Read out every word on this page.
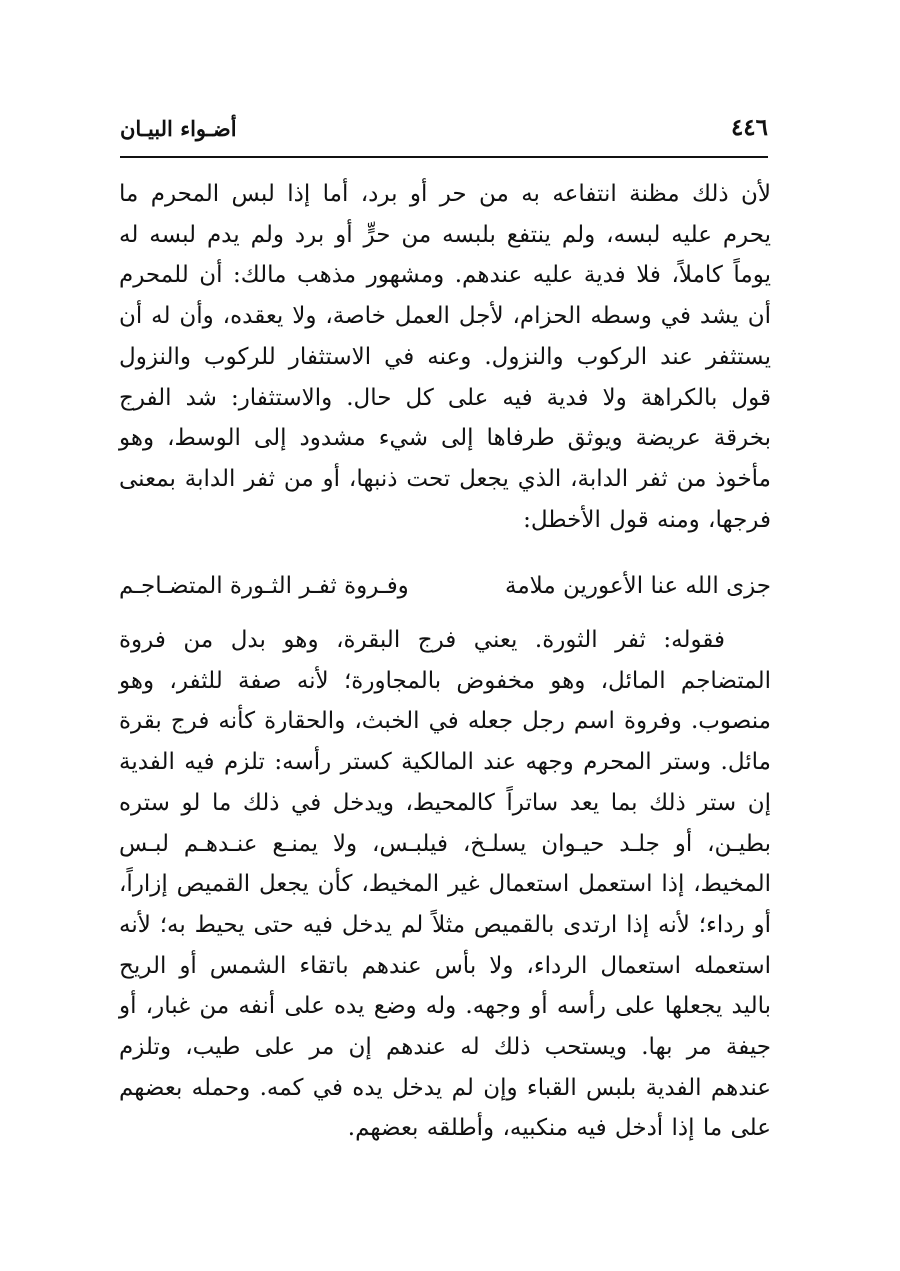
٤٤٦
أضـواء البيـان

لأن ذلك مظنة انتفاعه به من حر أو برد، أما إذا لبس المحرم ما يحرم عليه لبسه، ولم ينتفع بلبسه من حرٍّ أو برد ولم يدم لبسه له يوماً كاملاً، فلا فدية عليه عندهم. ومشهور مذهب مالك: أن للمحرم أن يشد في وسطه الحزام، لأجل العمل خاصة، ولا يعقده، وأن له أن يستثفر عند الركوب والنزول. وعنه في الاستثفار للركوب والنزول قول بالكراهة ولا فدية فيه على كل حال. والاستثفار: شد الفرج بخرقة عريضة ويوثق طرفاها إلى شيء مشدود إلى الوسط، وهو مأخوذ من ثفر الدابة، الذي يجعل تحت ذنبها، أو من ثفر الدابة بمعنى فرجها، ومنه قول الأخطل:

جزى الله عنا الأعورين ملامة
وفـروة ثفـر الثـورة المتضـاجـم

فقوله: ثفر الثورة. يعني فرج البقرة، وهو بدل من فروة المتضاجم المائل، وهو مخفوض بالمجاورة؛ لأنه صفة للثفر، وهو منصوب. وفروة اسم رجل جعله في الخبث، والحقارة كأنه فرج بقرة مائل. وستر المحرم وجهه عند المالكية كستر رأسه: تلزم فيه الفدية إن ستر ذلك بما يعد ساتراً كالمحيط، ويدخل في ذلك ما لو ستره بطيـن، أو جلـد حيـوان يسلـخ، فيلبـس، ولا يمنـع عنـدهـم لبـس المخيط، إذا استعمل استعمال غير المخيط، كأن يجعل القميص إزاراً، أو رداء؛ لأنه إذا ارتدى بالقميص مثلاً لم يدخل فيه حتى يحيط به؛ لأنه استعمله استعمال الرداء، ولا بأس عندهم باتقاء الشمس أو الريح باليد يجعلها على رأسه أو وجهه. وله وضع يده على أنفه من غبار، أو جيفة مر بها. ويستحب ذلك له عندهم إن مر على طيب، وتلزم عندهم الفدية بلبس القباء وإن لم يدخل يده في كمه. وحمله بعضهم على ما إذا أدخل فيه منكبيه، وأطلقه بعضهم.
